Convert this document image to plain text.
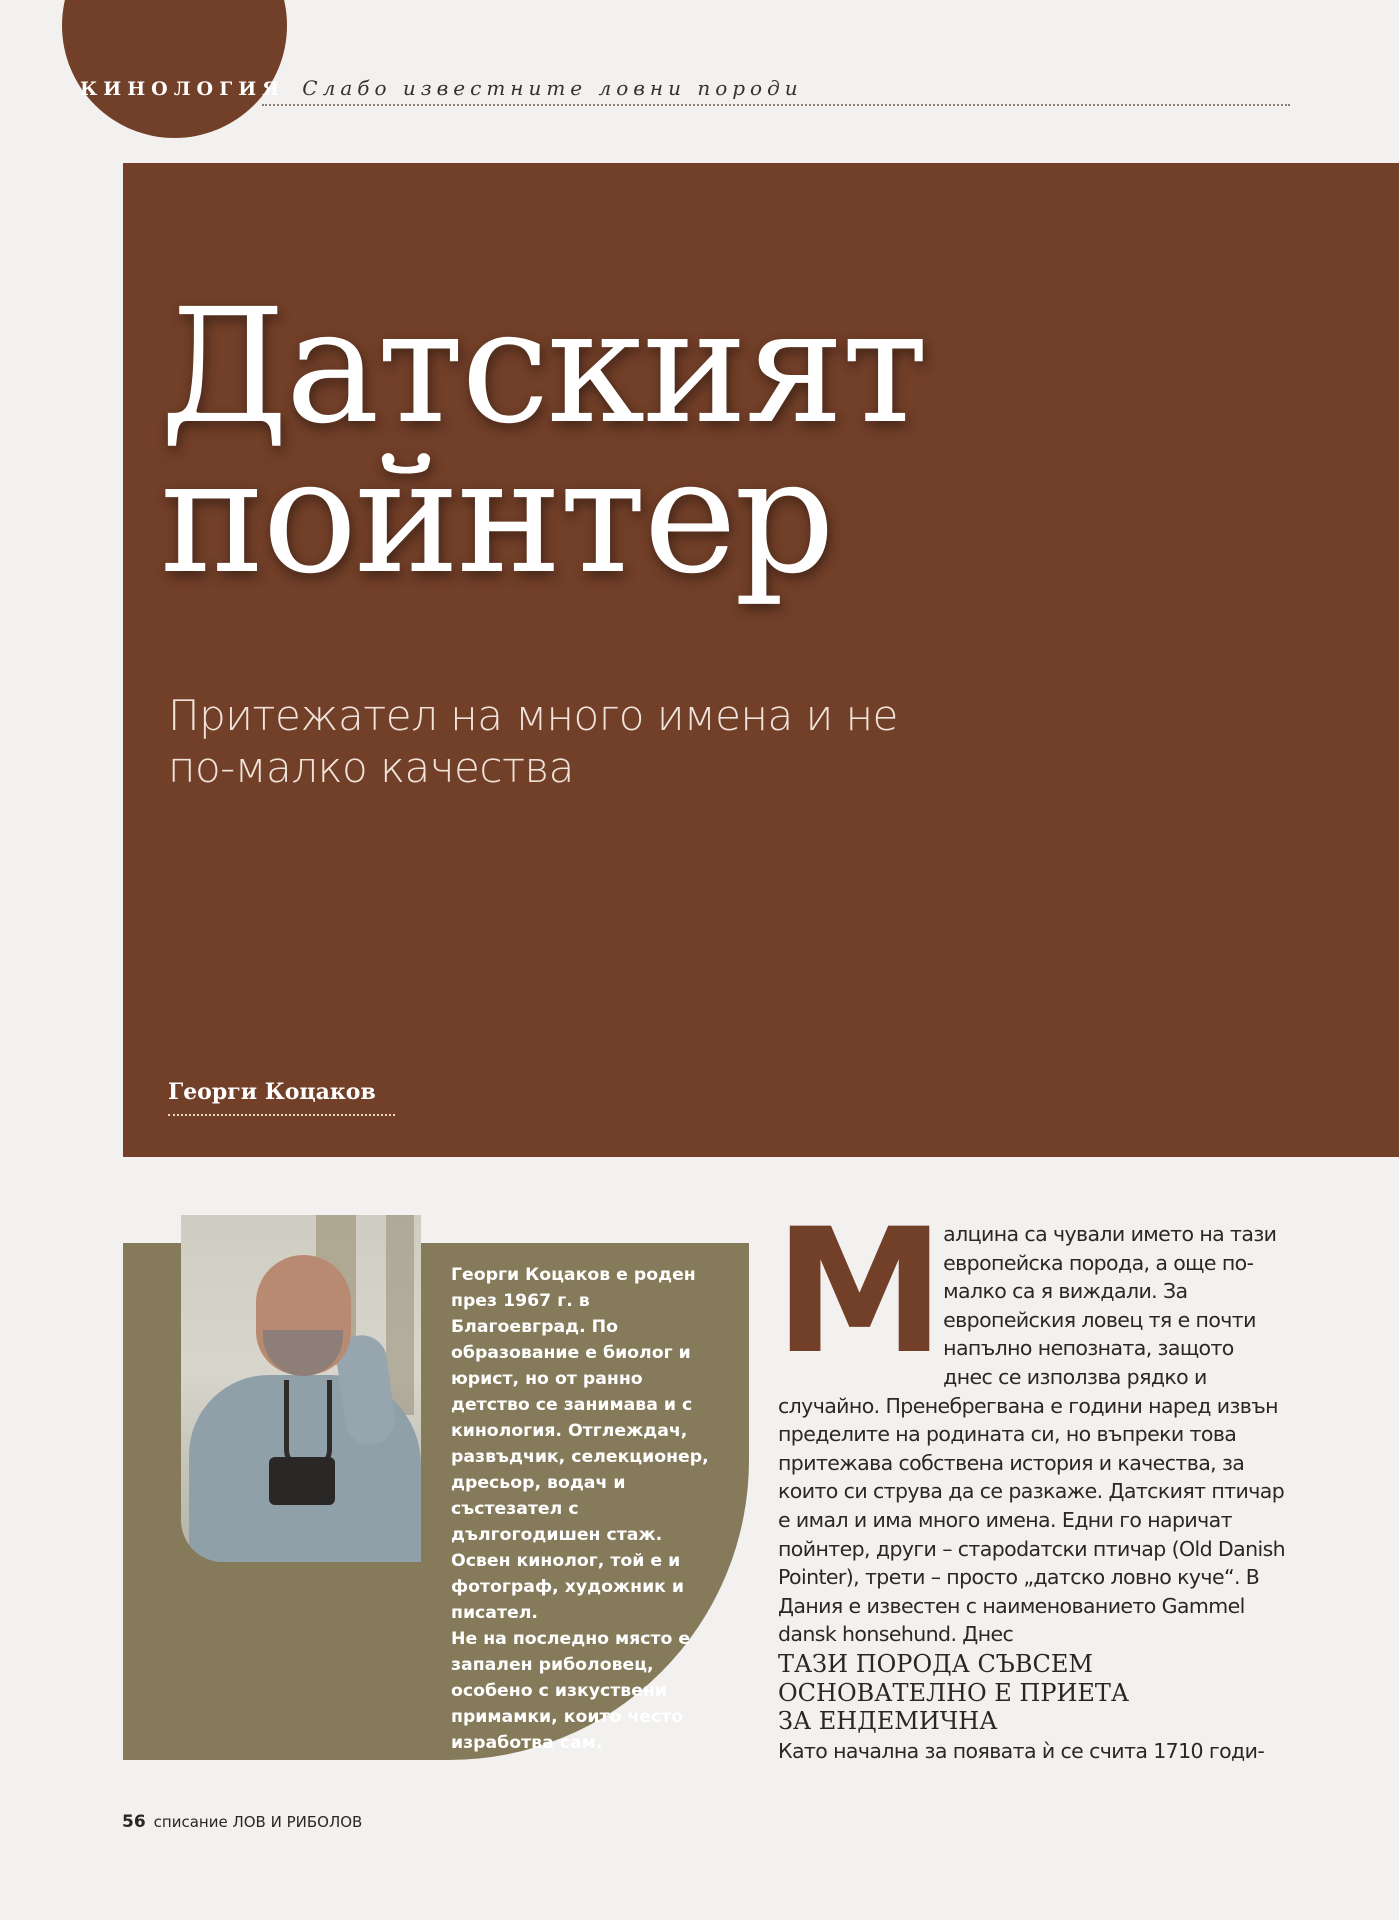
КИНОЛОГИЯ Слабо известните ловни породи
Датският
пойнтер
Притежател на много имена и не
по-малко качества
Георги Коцаков

Георги Коцаков е роден през 1967 г. в Благоевград. По образование е биолог и юрист, но от ранно детство се занимава и с кинология. Отглеждач, развъдчик, селекционер, дресьор, водач и състезател с дългогодишен стаж. Освен кинолог, той е и фотограф, художник и писател.

Не на последно място е запален риболовец, особено с изкуствени примамки, които често изработва сам.

Малцина са чували името на тази европейска порода, а още по-малко са я виждали. За европейския ловец тя е почти напълно непозната, защото днес се използва рядко и случайно. Пренебрегвана е години наред извън пределите на родината си, но въпреки това притежава собствена история и качества, за които си струва да се разкаже. Датският птичар е имал и има много имена. Едни го наричат пойнтер, други – староdатски птичар (Old Danish Pointer), трети – просто „датско ловно куче“. В Дания е известен с наименованието Gammel dansk honsehund. Днес

ТАЗИ ПОРОДА СЪВСЕМ
ОСНОВАТЕЛНО Е ПРИЕТА
ЗА ЕНДЕМИЧНА

Като начална за появата ѝ се счита 1710 годи-

56 списание ЛОВ И РИБОЛОВ
